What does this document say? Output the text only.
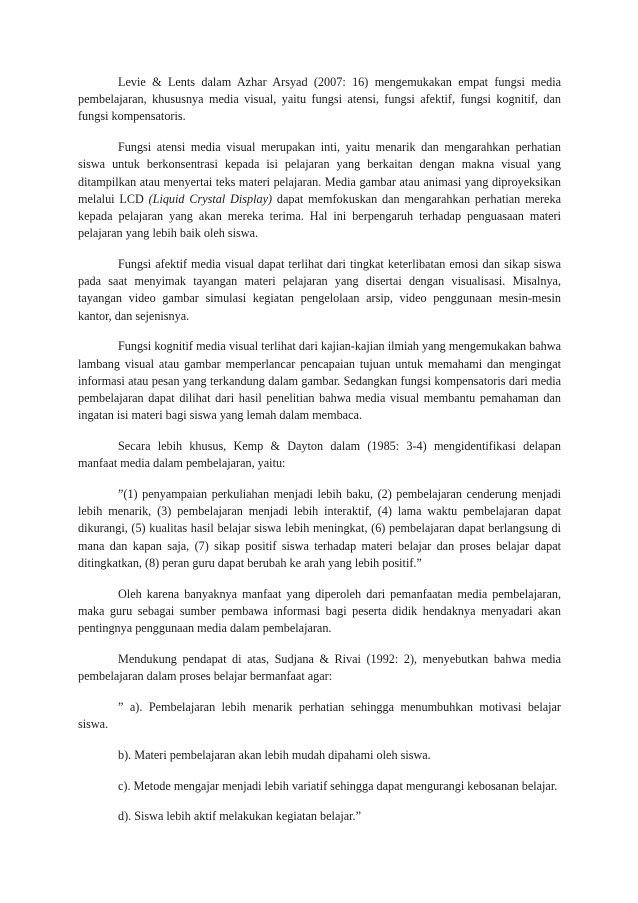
Levie & Lents dalam Azhar Arsyad (2007: 16) mengemukakan empat fungsi media pembelajaran, khususnya media visual, yaitu fungsi atensi, fungsi afektif, fungsi kognitif, dan fungsi kompensatoris.

Fungsi atensi media visual merupakan inti, yaitu menarik dan mengarahkan perhatian siswa untuk berkonsentrasi kepada isi pelajaran yang berkaitan dengan makna visual yang ditampilkan atau menyertai teks materi pelajaran. Media gambar atau animasi yang diproyeksikan melalui LCD (Liquid Crystal Display) dapat memfokuskan dan mengarahkan perhatian mereka kepada pelajaran yang akan mereka terima. Hal ini berpengaruh terhadap penguasaan materi pelajaran yang lebih baik oleh siswa.

Fungsi afektif media visual dapat terlihat dari tingkat keterlibatan emosi dan sikap siswa pada saat menyimak tayangan materi pelajaran yang disertai dengan visualisasi. Misalnya, tayangan video gambar simulasi kegiatan pengelolaan arsip, video penggunaan mesin-mesin kantor, dan sejenisnya.

Fungsi kognitif media visual terlihat dari kajian-kajian ilmiah yang mengemukakan bahwa lambang visual atau gambar memperlancar pencapaian tujuan untuk memahami dan mengingat informasi atau pesan yang terkandung dalam gambar. Sedangkan fungsi kompensatoris dari media pembelajaran dapat dilihat dari hasil penelitian bahwa media visual membantu pemahaman dan ingatan isi materi bagi siswa yang lemah dalam membaca.

Secara lebih khusus, Kemp & Dayton dalam (1985: 3-4) mengidentifikasi delapan manfaat media dalam pembelajaran, yaitu:

”(1) penyampaian perkuliahan menjadi lebih baku, (2) pembelajaran cenderung menjadi lebih menarik, (3) pembelajaran menjadi lebih interaktif, (4) lama waktu pembelajaran dapat dikurangi, (5) kualitas hasil belajar siswa lebih meningkat, (6) pembelajaran dapat berlangsung di mana dan kapan saja, (7) sikap positif siswa terhadap materi belajar dan proses belajar dapat ditingkatkan, (8) peran guru dapat berubah ke arah yang lebih positif.”

Oleh karena banyaknya manfaat yang diperoleh dari pemanfaatan media pembelajaran, maka guru sebagai sumber pembawa informasi bagi peserta didik hendaknya menyadari akan pentingnya penggunaan media dalam pembelajaran.

Mendukung pendapat di atas, Sudjana & Rivai (1992: 2), menyebutkan bahwa media pembelajaran dalam proses belajar bermanfaat agar:

” a). Pembelajaran lebih menarik perhatian sehingga menumbuhkan motivasi belajar siswa.

b). Materi pembelajaran akan lebih mudah dipahami oleh siswa.

c). Metode mengajar menjadi lebih variatif sehingga dapat mengurangi kebosanan belajar.

d). Siswa lebih aktif melakukan kegiatan belajar.”
